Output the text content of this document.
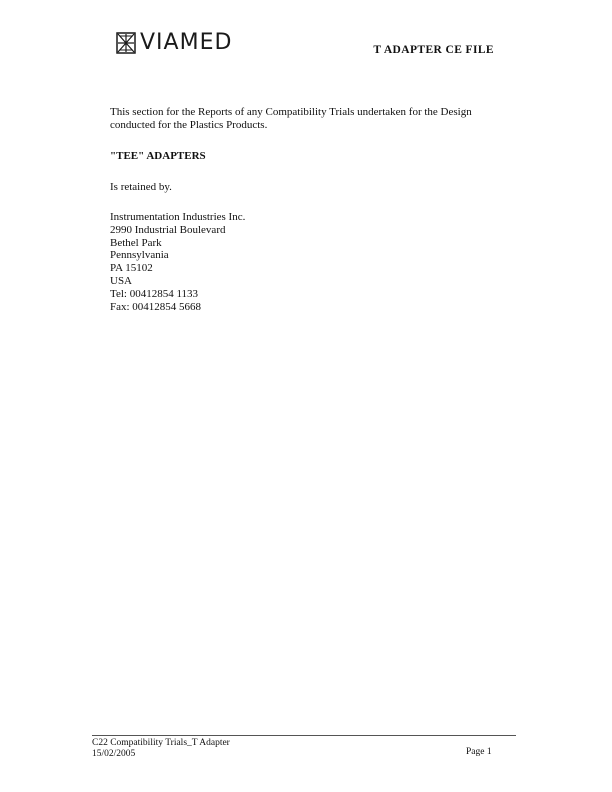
VIAMED	T ADAPTER CE FILE

This section for the Reports of any Compatibility Trials undertaken for the Design conducted for the Plastics Products.

"TEE" ADAPTERS

Is retained by.

Instrumentation Industries Inc.
2990 Industrial Boulevard
Bethel Park
Pennsylvania
PA 15102
USA
Tel: 00412854 1133
Fax: 00412854 5668
C22 Compatibility Trials_T Adapter
15/02/2005	Page 1
